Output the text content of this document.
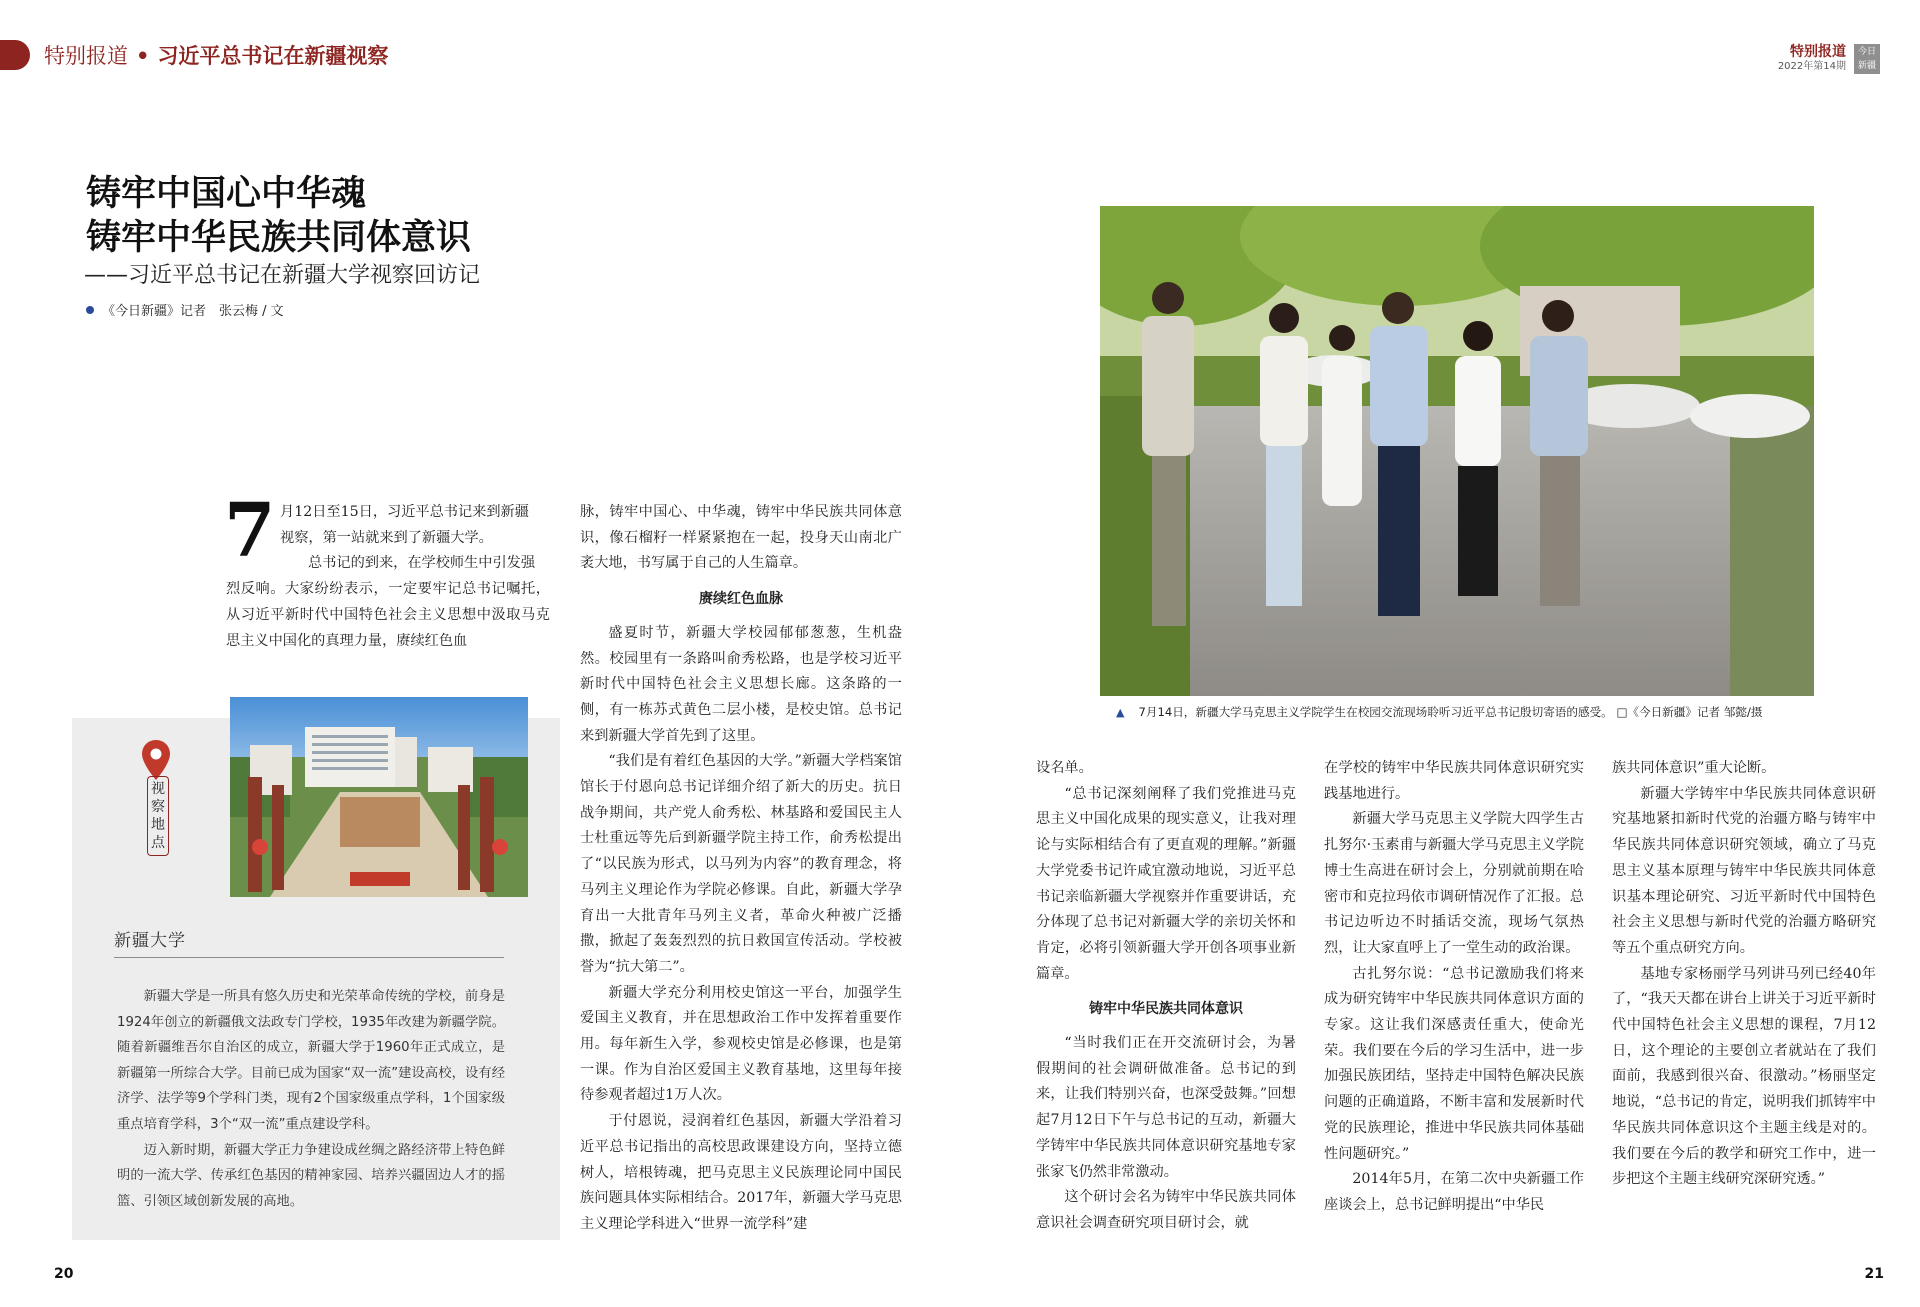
特别报道 • 习近平总书记在新疆视察	特别报道
2022年第14期
今日
新疆
铸牢中国心中华魂
铸牢中华民族共同体意识
——习近平总书记在新疆大学视察回访记
《今日新疆》记者　张云梅 / 文
7 月12日至15日，习近平总书记来到新疆

视察，第一站就来到了新疆大学。

总书记的到来，在学校师生中引发强

烈反响。大家纷纷表示，一定要牢记总书记嘱托，从习近平新时代中国特色社会主义思想中汲取马克思主义中国化的真理力量，赓续红色血

脉，铸牢中国心、中华魂，铸牢中华民族共同体意识，像石榴籽一样紧紧抱在一起，投身天山南北广袤大地，书写属于自己的人生篇章。

赓续红色血脉

盛夏时节，新疆大学校园郁郁葱葱，生机盎然。校园里有一条路叫俞秀松路，也是学校习近平新时代中国特色社会主义思想长廊。这条路的一侧，有一栋苏式黄色二层小楼，是校史馆。总书记来到新疆大学首先到了这里。

“我们是有着红色基因的大学。”新疆大学档案馆馆长于付恩向总书记详细介绍了新大的历史。抗日战争期间，共产党人俞秀松、林基路和爱国民主人士杜重远等先后到新疆学院主持工作，俞秀松提出了“以民族为形式，以马列为内容”的教育理念，将马列主义理论作为学院必修课。自此，新疆大学孕育出一大批青年马列主义者，革命火种被广泛播撒，掀起了轰轰烈烈的抗日救国宣传活动。学校被誉为“抗大第二”。

新疆大学充分利用校史馆这一平台，加强学生爱国主义教育，并在思想政治工作中发挥着重要作用。每年新生入学，参观校史馆是必修课，也是第一课。作为自治区爱国主义教育基地，这里每年接待参观者超过1万人次。

于付恩说，浸润着红色基因，新疆大学沿着习近平总书记指出的高校思政课建设方向，坚持立德树人，培根铸魂，把马克思主义民族理论同中国民族问题具体实际相结合。2017年，新疆大学马克思主义理论学科进入“世界一流学科”建

视察地点
新疆大学

新疆大学是一所具有悠久历史和光荣革命传统的学校，前身是1924年创立的新疆俄文法政专门学校，1935年改建为新疆学院。随着新疆维吾尔自治区的成立，新疆大学于1960年正式成立，是新疆第一所综合大学。目前已成为国家“双一流”建设高校，设有经济学、法学等9个学科门类，现有2个国家级重点学科，1个国家级重点培育学科，3个“双一流”重点建设学科。

迈入新时期，新疆大学正力争建设成丝绸之路经济带上特色鲜明的一流大学、传承红色基因的精神家园、培养兴疆固边人才的摇篮、引领区域创新发展的高地。

▲ 7月14日，新疆大学马克思主义学院学生在校园交流现场聆听习近平总书记殷切寄语的感受。 □《今日新疆》记者 邹懿/摄

设名单。

“总书记深刻阐释了我们党推进马克思主义中国化成果的现实意义，让我对理论与实际相结合有了更直观的理解。”新疆大学党委书记许咸宜激动地说，习近平总书记亲临新疆大学视察并作重要讲话，充分体现了总书记对新疆大学的亲切关怀和肯定，必将引领新疆大学开创各项事业新篇章。

铸牢中华民族共同体意识

“当时我们正在开交流研讨会，为暑假期间的社会调研做准备。总书记的到来，让我们特别兴奋，也深受鼓舞。”回想起7月12日下午与总书记的互动，新疆大学铸牢中华民族共同体意识研究基地专家张家飞仍然非常激动。

这个研讨会名为铸牢中华民族共同体意识社会调查研究项目研讨会，就

在学校的铸牢中华民族共同体意识研究实践基地进行。

新疆大学马克思主义学院大四学生古扎努尔·玉素甫与新疆大学马克思主义学院博士生高进在研讨会上，分别就前期在哈密市和克拉玛依市调研情况作了汇报。总书记边听边不时插话交流，现场气氛热烈，让大家直呼上了一堂生动的政治课。

古扎努尔说：“总书记激励我们将来成为研究铸牢中华民族共同体意识方面的专家。这让我们深感责任重大，使命光荣。我们要在今后的学习生活中，进一步加强民族团结，坚持走中国特色解决民族问题的正确道路，不断丰富和发展新时代党的民族理论，推进中华民族共同体基础性问题研究。”

2014年5月，在第二次中央新疆工作座谈会上，总书记鲜明提出“中华民

族共同体意识”重大论断。

新疆大学铸牢中华民族共同体意识研究基地紧扣新时代党的治疆方略与铸牢中华民族共同体意识研究领域，确立了马克思主义基本原理与铸牢中华民族共同体意识基本理论研究、习近平新时代中国特色社会主义思想与新时代党的治疆方略研究等五个重点研究方向。

基地专家杨丽学马列讲马列已经40年了，“我天天都在讲台上讲关于习近平新时代中国特色社会主义思想的课程，7月12日，这个理论的主要创立者就站在了我们面前，我感到很兴奋、很激动。”杨丽坚定地说，“总书记的肯定，说明我们抓铸牢中华民族共同体意识这个主题主线是对的。我们要在今后的教学和研究工作中，进一步把这个主题主线研究深研究透。”

20	21
